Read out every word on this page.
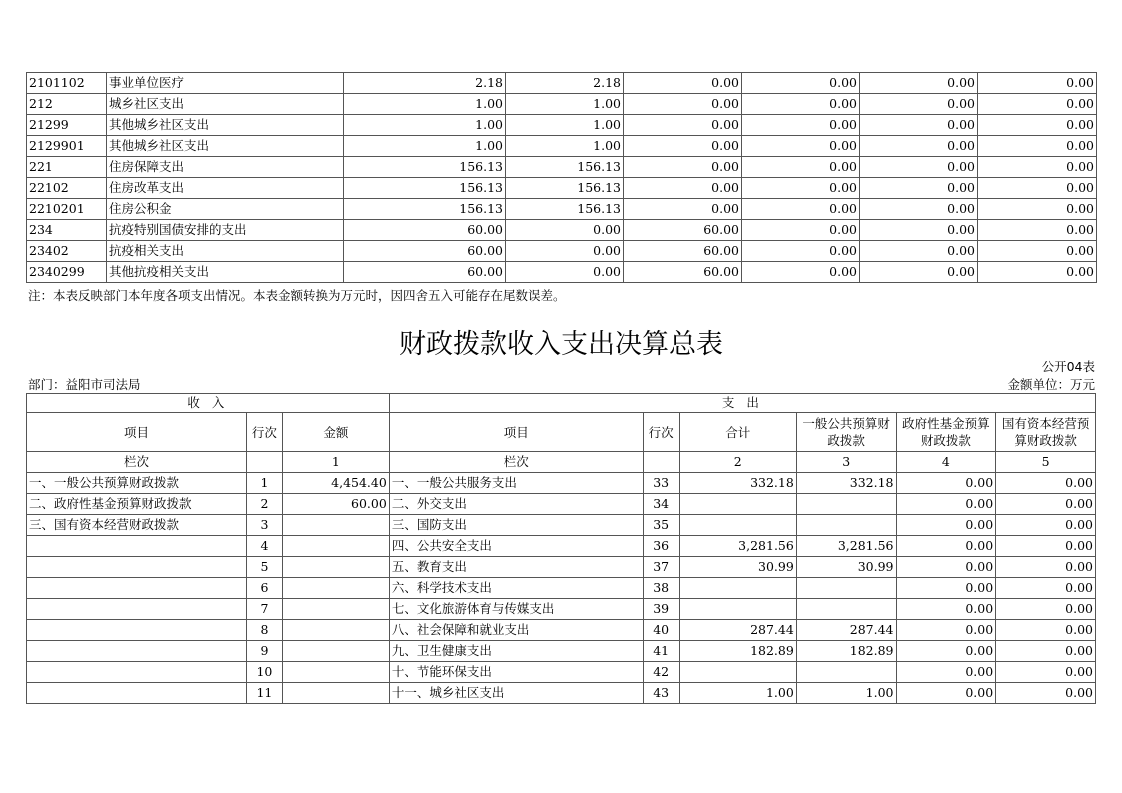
2101102	事业单位医疗	2.18	2.18	0.00	0.00	0.00	0.00
212	城乡社区支出	1.00	1.00	0.00	0.00	0.00	0.00
21299	其他城乡社区支出	1.00	1.00	0.00	0.00	0.00	0.00
2129901	其他城乡社区支出	1.00	1.00	0.00	0.00	0.00	0.00
221	住房保障支出	156.13	156.13	0.00	0.00	0.00	0.00
22102	住房改革支出	156.13	156.13	0.00	0.00	0.00	0.00
2210201	住房公积金	156.13	156.13	0.00	0.00	0.00	0.00
234	抗疫特别国债安排的支出	60.00	0.00	60.00	0.00	0.00	0.00
23402	抗疫相关支出	60.00	0.00	60.00	0.00	0.00	0.00
2340299	其他抗疫相关支出	60.00	0.00	60.00	0.00	0.00	0.00
注：本表反映部门本年度各项支出情况。本表金额转换为万元时，因四舍五入可能存在尾数误差。
财政拨款收入支出决算总表
公开04表
部门：益阳市司法局	金额单位：万元
收 入			支 出					
项目	行次	金额	项目	行次	合计	一般公共预算财政拨款	政府性基金预算财政拨款	国有资本经营预算财政拨款
栏次		1	栏次		2	3	4	5
一、一般公共预算财政拨款	1	4,454.40	一、一般公共服务支出	33	332.18	332.18	0.00	0.00
二、政府性基金预算财政拨款	2	60.00	二、外交支出	34			0.00	0.00
三、国有资本经营财政拨款	3		三、国防支出	35			0.00	0.00
	4		四、公共安全支出	36	3,281.56	3,281.56	0.00	0.00
	5		五、教育支出	37	30.99	30.99	0.00	0.00
	6		六、科学技术支出	38			0.00	0.00
	7		七、文化旅游体育与传媒支出	39			0.00	0.00
	8		八、社会保障和就业支出	40	287.44	287.44	0.00	0.00
	9		九、卫生健康支出	41	182.89	182.89	0.00	0.00
	10		十、节能环保支出	42			0.00	0.00
	11		十一、城乡社区支出	43	1.00	1.00	0.00	0.00
